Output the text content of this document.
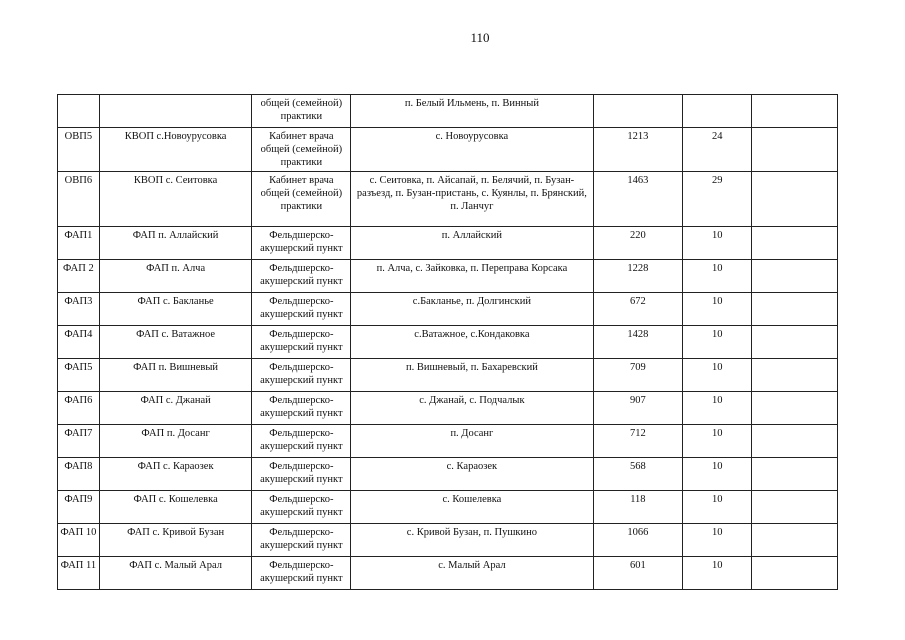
110

		общей (семейной) практики	п. Белый Ильмень, п. Винный			

ОВП5	КВОП с.Новоурусовка	Кабинет врача общей (семейной) практики	с. Новоурусовка	1213	24	

ОВП6	КВОП с. Сеитовка	Кабинет врача общей (семейной) практики	с. Сеитовка, п. Айсапай, п. Белячий, п. Бузан-разъезд, п. Бузан-пристань, с. Куянлы, п. Брянский, п. Ланчуг	1463	29	

ФАП1	ФАП п. Аллайский	Фельдшерско-акушерский пункт	п. Аллайский	220	10	

ФАП 2	ФАП п. Алча	Фельдшерско-акушерский пункт	п. Алча, с. Зайковка, п. Переправа Корсака	1228	10	

ФАП3	ФАП с. Бакланье	Фельдшерско-акушерский пункт	с.Бакланье, п. Долгинский	672	10	

ФАП4	ФАП с. Ватажное	Фельдшерско-акушерский пункт	с.Ватажное, с.Кондаковка	1428	10	

ФАП5	ФАП п. Вишневый	Фельдшерско-акушерский пункт	п. Вишневый, п. Бахаревский	709	10	

ФАП6	ФАП с. Джанай	Фельдшерско-акушерский пункт	с. Джанай, с. Подчалык	907	10	

ФАП7	ФАП п. Досанг	Фельдшерско-акушерский пункт	п. Досанг	712	10	

ФАП8	ФАП с. Караозек	Фельдшерско-акушерский пункт	с. Караозек	568	10	

ФАП9	ФАП с. Кошелевка	Фельдшерско-акушерский пункт	с. Кошелевка	118	10	

ФАП 10	ФАП с. Кривой Бузан	Фельдшерско-акушерский пункт	с. Кривой Бузан, п. Пушкино	1066	10	

ФАП 11	ФАП с. Малый Арал	Фельдшерско-акушерский пункт	с. Малый Арал	601	10	
